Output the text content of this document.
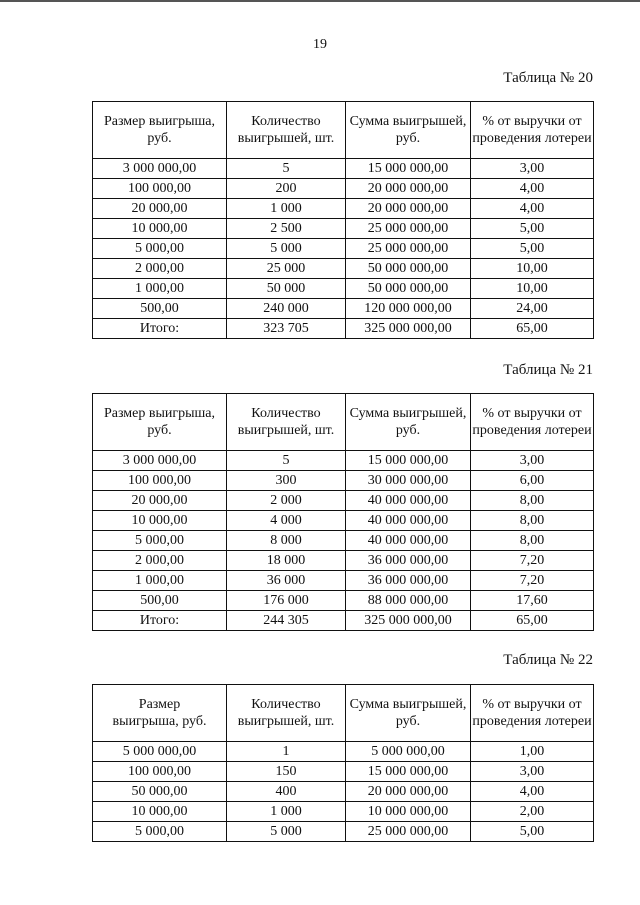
19
Таблица № 20
Размер выигрыша, руб.	Количество выигрышей, шт.	Сумма выигрышей, руб.	% от выручки от проведения лотереи
3 000 000,00	5	15 000 000,00	3,00
100 000,00	200	20 000 000,00	4,00
20 000,00	1 000	20 000 000,00	4,00
10 000,00	2 500	25 000 000,00	5,00
5 000,00	5 000	25 000 000,00	5,00
2 000,00	25 000	50 000 000,00	10,00
1 000,00	50 000	50 000 000,00	10,00
500,00	240 000	120 000 000,00	24,00
Итого:	323 705	325 000 000,00	65,00
Таблица № 21
Размер выигрыша, руб.	Количество выигрышей, шт.	Сумма выигрышей, руб.	% от выручки от проведения лотереи
3 000 000,00	5	15 000 000,00	3,00
100 000,00	300	30 000 000,00	6,00
20 000,00	2 000	40 000 000,00	8,00
10 000,00	4 000	40 000 000,00	8,00
5 000,00	8 000	40 000 000,00	8,00
2 000,00	18 000	36 000 000,00	7,20
1 000,00	36 000	36 000 000,00	7,20
500,00	176 000	88 000 000,00	17,60
Итого:	244 305	325 000 000,00	65,00
Таблица № 22
Размер выигрыша, руб.	Количество выигрышей, шт.	Сумма выигрышей, руб.	% от выручки от проведения лотереи
5 000 000,00	1	5 000 000,00	1,00
100 000,00	150	15 000 000,00	3,00
50 000,00	400	20 000 000,00	4,00
10 000,00	1 000	10 000 000,00	2,00
5 000,00	5 000	25 000 000,00	5,00
